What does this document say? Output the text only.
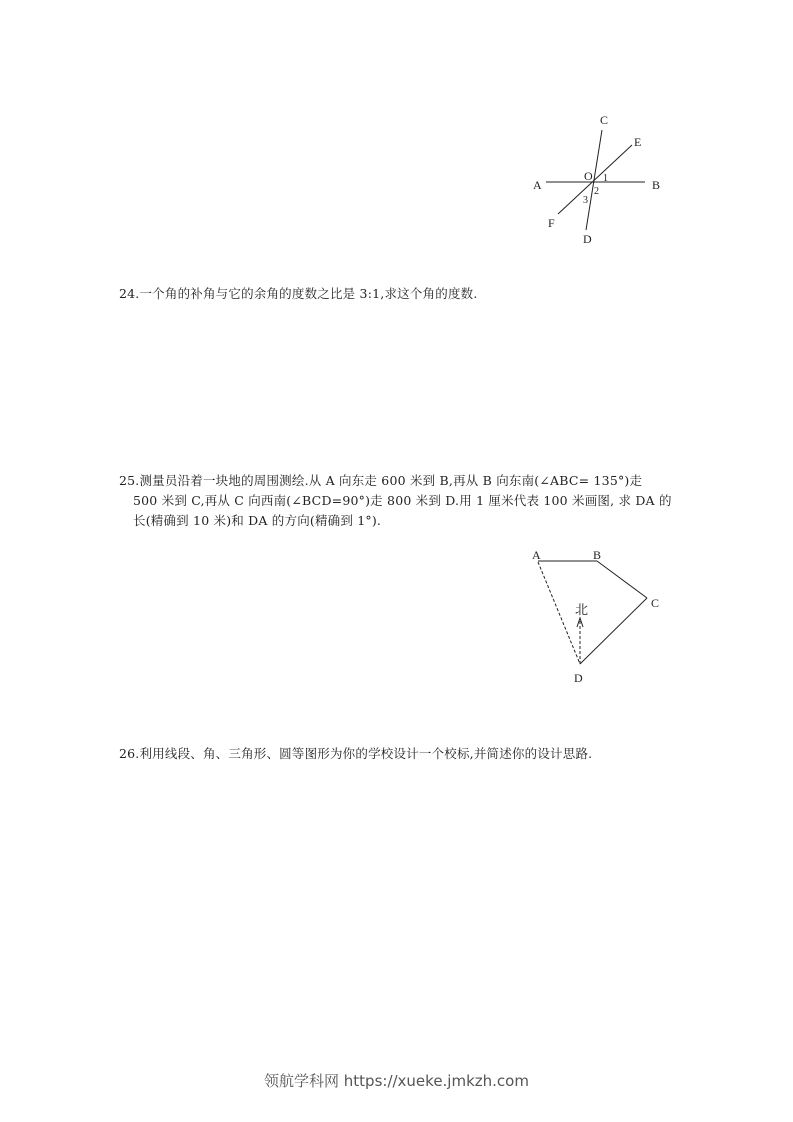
C
E
A	B
O 1
2
3
F
D
A	B
C
北
D
24.一个角的补角与它的余角的度数之比是 3:1,求这个角的度数.
25.测量员沿着一块地的周围测绘.从 A 向东走 600 米到 B,再从 B 向东南(∠ABC= 135°)走
500 米到 C,再从 C 向西南(∠BCD=90°)走 800 米到 D.用 1 厘米代表 100 米画图, 求 DA 的
长(精确到 10 米)和 DA 的方向(精确到 1°).
26.利用线段、角、三角形、圆等图形为你的学校设计一个校标,并简述你的设计思路.
领航学科网 https://xueke.jmkzh.com
